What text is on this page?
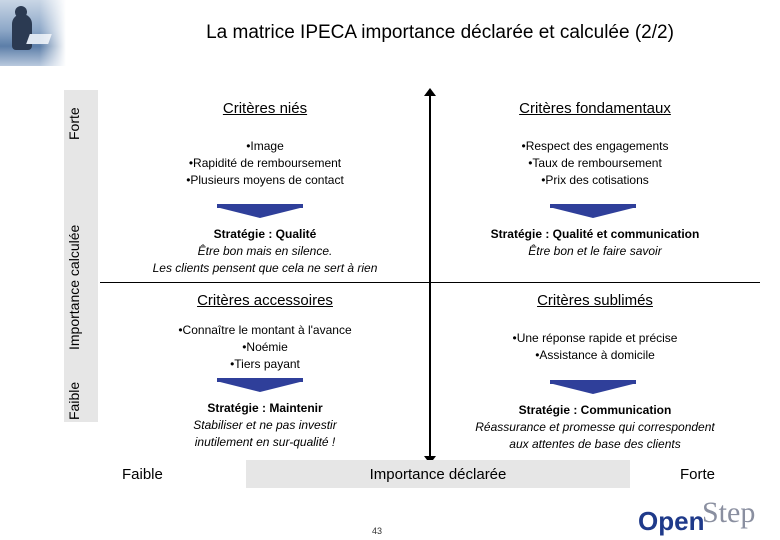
La matrice IPECA importance déclarée et calculée (2/2)
Forte
Importance calculée
Faible
Critères niés
•Image
•Rapidité de remboursement
•Plusieurs moyens de contact
Stratégie : Qualité
Être bon mais en silence.
Les clients pensent que cela ne sert à rien
Critères fondamentaux
•Respect des engagements
•Taux de remboursement
•Prix des cotisations
Stratégie : Qualité et communication
Être bon et le faire savoir
Critères accessoires
•Connaître le montant à l'avance
•Noémie
•Tiers payant
Stratégie : Maintenir
Stabiliser et ne pas investir
inutilement en sur-qualité !
Critères sublimés
•Une réponse rapide et précise
•Assistance à domicile
Stratégie : Communication
Réassurance et promesse qui correspondent
aux attentes de base des clients
Faible	Importance déclarée	Forte
43	Open
Step
